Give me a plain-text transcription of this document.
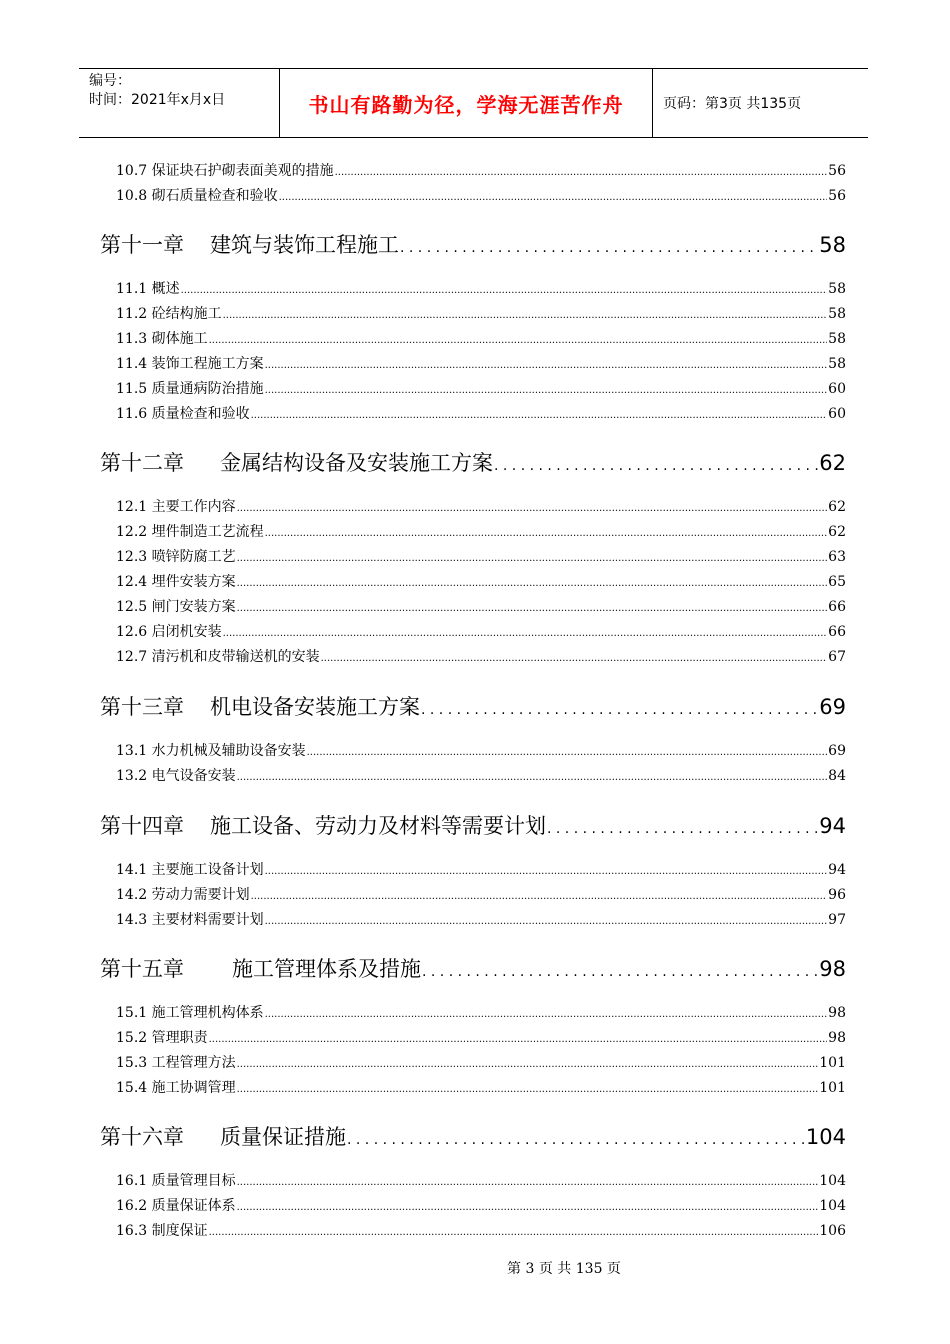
编号：
时间：2021年x月x日	书山有路勤为径，学海无涯苦作舟	页码：第3页 共135页
10.7 保证块石护砌表面美观的措施 .....	56
10.8 砌石质量检查和验收 .....	56
第十一章 建筑与装饰工程施工 . .	58
11.1 概述 .....	58
11.2 砼结构施工 .....	58
11.3 砌体施工 .....	58
11.4 装饰工程施工方案 .....	58
11.5 质量通病防治措施 .....	60
11.6 质量检查和验收 .....	60
第十二章 金属结构设备及安装施工方案 . .	62
12.1 主要工作内容 .....	62
12.2 埋件制造工艺流程 .....	62
12.3 喷锌防腐工艺 .....	63
12.4 埋件安装方案 .....	65
12.5 闸门安装方案 .....	66
12.6 启闭机安装 .....	66
12.7 清污机和皮带输送机的安装 .....	67
第十三章 机电设备安装施工方案 . .	69
13.1 水力机械及辅助设备安装 .....	69
13.2 电气设备安装 .....	84
第十四章 施工设备、劳动力及材料等需要计划 . .	94
14.1 主要施工设备计划 .....	94
14.2 劳动力需要计划 .....	96
14.3 主要材料需要计划 .....	97
第十五章 施工管理体系及措施 . .	98
15.1 施工管理机构体系 .....	98
15.2 管理职责 .....	98
15.3 工程管理方法 .....	101
15.4 施工协调管理 .....	101
第十六章 质量保证措施 . .	104
16.1 质量管理目标 .....	104
16.2 质量保证体系 .....	104
16.3 制度保证 .....	106
第 3 页 共 135 页
